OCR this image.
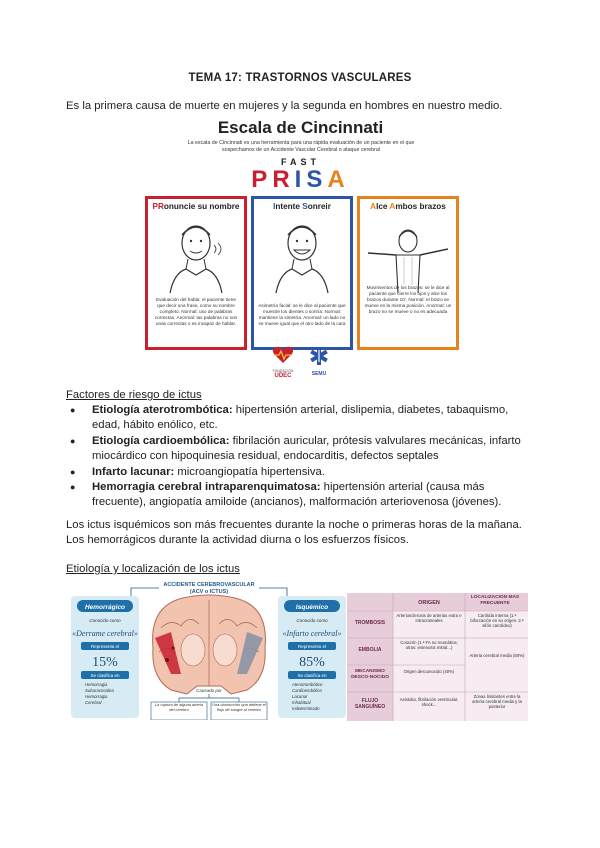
TEMA 17: TRASTORNOS VASCULARES
Es la primera causa de muerte en mujeres y la segunda en hombres en nuestro medio.
Escala de Cincinnati
La escala de Cincinnati es una herramienta para una rápida evaluación de un paciente en el que sospechamos de un Accidente Vascular Cerebral o ataque cerebral
FAST
PRISA
PRonuncie su nombre
Evaluación del habla: el paciente tiene que decir una frase, como su nombre completo. Normal: uso de palabras correctas. Anormal: las palabras no son unas correctas o es incapaz de hablar.
Intente Sonreir
Asimetría facial: se le dice al paciente que muestre los dientes o sonría. Normal: mantiene la simetría. Anormal: un lado no se mueve igual que el otro lado de la cara
Alce Ambos brazos
Movimientos de los brazos: se le dice al paciente que cierre los ojos y alce los brazos durante 10'. Normal: el brazo se mueve en la misma posición. Anormal: un brazo no se mueve o no es adecuada
FUNDACIÓN
UDEC	SEMU
Factores de riesgo de ictus
● Etiología aterotrombótica: hipertensión arterial, dislipemia, diabetes, tabaquismo, edad, hábito enólico, etc.
● Etiología cardioembólica: fibrilación auricular, prótesis valvulares mecánicas, infarto miocárdico con hipoquinesia residual, endocarditis, defectos septales
● Infarto lacunar: microangiopatía hipertensiva.
● Hemorragia cerebral intraparenquimatosa: hipertensión arterial (causa más frecuente), angiopatía amiloide (ancianos), malformación arteriovenosa (jóvenes).
Los ictus isquémicos son más frecuentes durante la noche o primeras horas de la mañana. Los hemorrágicos durante la actividad diurna o los esfuerzos físicos.
Etiología y localización de los ictus
ACCIDENTE CEREBROVASCULAR
(ACV o ICTUS)
Hemorrágico
Conocido como
«Derrame cerebral»
Representa el
15%
Se clasifica en
Hemorragia
Subaracnoidea
Hemorragia
Cerebral
Causado por
La ruptura de alguna arteria del cerebro
Una obstrucción que detiene el flujo de sangre al cerebro
Isquémico
Conocido como
«Infarto cerebral»
Represento el
85%
Se clasifica en
Aterotrombótico
Cardioembólico
Lacunar
Inhabitual
Indeterminado
ORIGEN
LOCALIZACIÓN MÁS FRECUENTE
TROMBOSIS
Arteriosclerosis de arterias extra e intracraneales
Carótida interna (1.ª bifurcación en su origen. 2.ª sifón carotídeo)
EMBOLIA
Corazón (1.ª FA no reumática; otras: estenosis mitral...)
Arteria cerebral media (80%)
MECANISMO DESCO-NOCIDO
Origen desconocido (40%)
FLUJO SANGUÍNEO
Asistolia, fibrilación ventricular, shock...
Zonas limitantes entre la arteria cerebral media y la posterior
